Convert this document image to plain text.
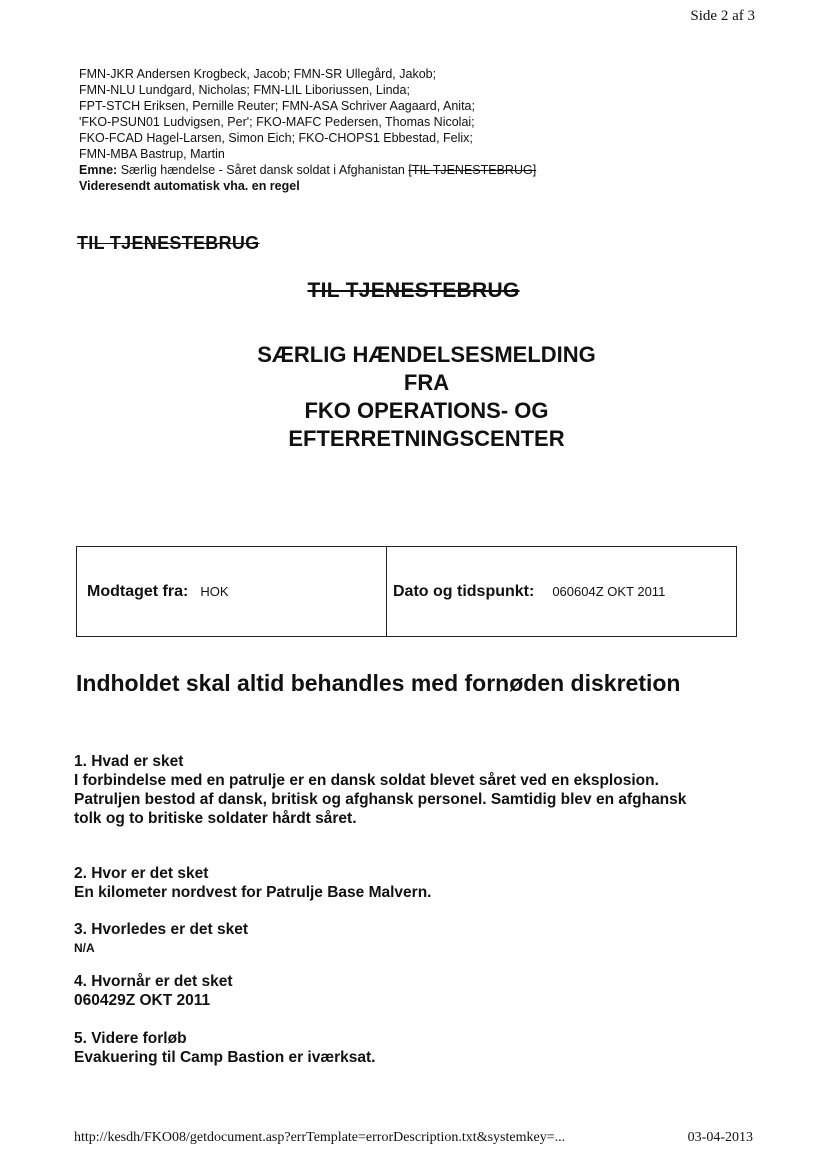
Side 2 af 3
FMN-JKR Andersen Krogbeck, Jacob; FMN-SR Ullegård, Jakob;
FMN-NLU Lundgard, Nicholas; FMN-LIL Liboriussen, Linda;
FPT-STCH Eriksen, Pernille Reuter; FMN-ASA Schriver Aagaard, Anita;
'FKO-PSUN01 Ludvigsen, Per'; FKO-MAFC Pedersen, Thomas Nicolai;
FKO-FCAD Hagel-Larsen, Simon Eich; FKO-CHOPS1 Ebbestad, Felix;
FMN-MBA Bastrup, Martin
Emne: Særlig hændelse - Såret dansk soldat i Afghanistan [TIL TJENESTEBRUG]
Videresendt automatisk vha. en regel
TIL TJENESTEBRUG
TIL TJENESTEBRUG
SÆRLIG HÆNDELSESMELDING
FRA
FKO OPERATIONS- OG
EFTERRETNINGSCENTER
Modtaget fra: HOK	Dato og tidspunkt: 060604Z OKT 2011
Indholdet skal altid behandles med fornøden diskretion
1. Hvad er sket
I forbindelse med en patrulje er en dansk soldat blevet såret ved en eksplosion.
Patruljen bestod af dansk, britisk og afghansk personel. Samtidig blev en afghansk
tolk og to britiske soldater hårdt såret.
2. Hvor er det sket
En kilometer nordvest for Patrulje Base Malvern.
3. Hvorledes er det sket
N/A
4. Hvornår er det sket
060429Z OKT 2011
5. Videre forløb
Evakuering til Camp Bastion er iværksat.
http://kesdh/FKO08/getdocument.asp?errTemplate=errorDescription.txt&systemkey=...	03-04-2013
